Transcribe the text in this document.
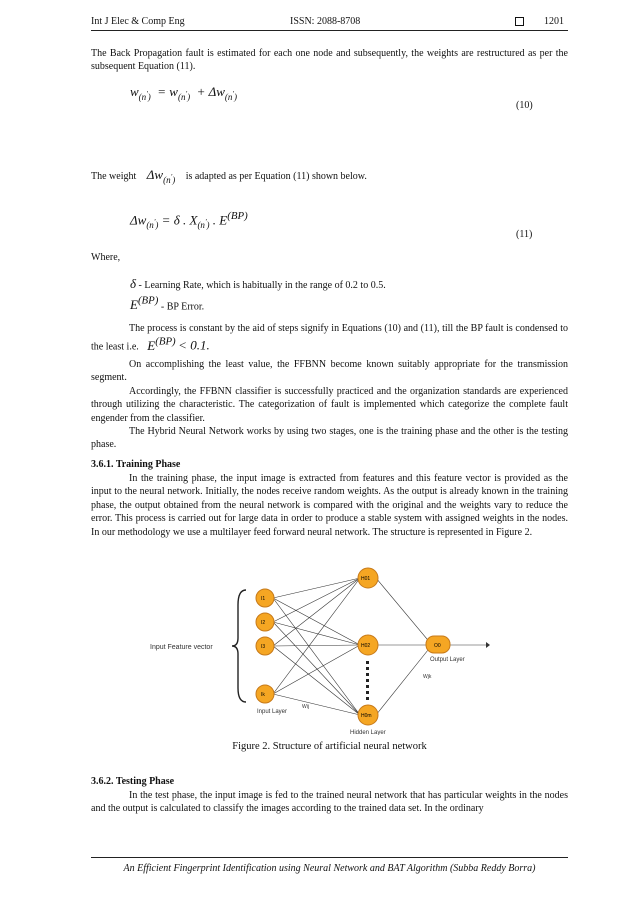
Int J Elec & Comp Eng	ISSN: 2088-8708	1201
The Back Propagation fault is estimated for each one node and subsequently, the weights are restructured as per the subsequent Equation (11).
$w_{(n')} = w_{(n')} + \Delta w_{(n')}$
(10)
The weight $\Delta w_{(n')}$ is adapted as per Equation (11) shown below.
$\Delta w_{(n')} = \delta$ . $X_{(n')}$ . $E^{(BP)}$
(11)
Where,
δ - Learning Rate, which is habitually in the range of 0.2 to 0.5.
$E^{(BP)}$ - BP Error.
The process is constant by the aid of steps signify in Equations (10) and (11), till the BP fault is condensed to the least i.e. $E^{(BP)} < 0.1$.
On accomplishing the least value, the FFBNN become known suitably appropriate for the transmission segment.
Accordingly, the FFBNN classifier is successfully practiced and the organization standards are experienced through utilizing the characteristic. The categorization of fault is implemented which categorize the complete fault engender from the classifier.
The Hybrid Neural Network works by using two stages, one is the training phase and the other is the testing phase.
3.6.1. Training Phase
In the training phase, the input image is extracted from features and this feature vector is provided as the input to the neural network. Initially, the nodes receive random weights. As the output is already known in the training phase, the output obtained from the neural network is compared with the original and the weights vary to reduce the error. This process is carried out for large data in order to produce a stable system with assigned weights in the nodes. In our methodology we use a multilayer feed forward neural network. The structure is represented in Figure 2.
Input Feature vector
I1
I2
I3
Ik
Input Layer
H01
H02
H0m
Hidden Layer
O0
Output Layer
Wij
Wjk
Figure 2. Structure of artificial neural network
3.6.2. Testing Phase
In the test phase, the input image is fed to the trained neural network that has particular weights in the nodes and the output is calculated to classify the images according to the trained data set. In the ordinary
An Efficient Fingerprint Identification using Neural Network and BAT Algorithm (Subba Reddy Borra)
